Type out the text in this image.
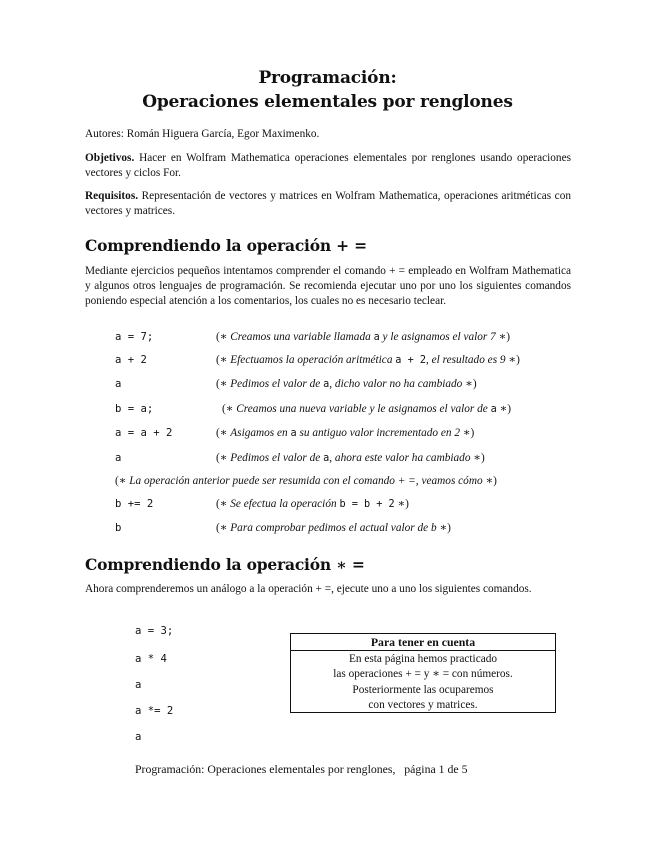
Programación:
Operaciones elementales por renglones
Autores: Román Higuera García, Egor Maximenko.
Objetivos. Hacer en Wolfram Mathematica operaciones elementales por renglones usando operaciones vectores y ciclos For.
Requisitos. Representación de vectores y matrices en Wolfram Mathematica, operaciones aritméticas con vectores y matrices.
Comprendiendo la operación + =
Mediante ejercicios pequeños intentamos comprender el comando + = empleado en Wolfram Mathematica y algunos otros lenguajes de programación. Se recomienda ejecutar uno por uno los siguientes comandos poniendo especial atención a los comentarios, los cuales no es necesario teclear.
a = 7;	(∗ Creamos una variable llamada a y le asignamos el valor 7 ∗)
a + 2	(∗ Efectuamos la operación aritmética a + 2, el resultado es 9 ∗)
a	(∗ Pedimos el valor de a, dicho valor no ha cambiado ∗)
b = a;	(∗ Creamos una nueva variable y le asignamos el valor de a ∗)
a = a + 2	(∗ Asigamos en a su antiguo valor incrementado en 2 ∗)
a	(∗ Pedimos el valor de a, ahora este valor ha cambiado ∗)
(∗ La operación anterior puede ser resumida con el comando + =, veamos cómo ∗)
b += 2	(∗ Se efectua la operación b = b + 2 ∗)
b	(∗ Para comprobar pedimos el actual valor de b ∗)
Comprendiendo la operación ∗ =
Ahora comprenderemos un análogo a la operación + =, ejecute uno a uno los siguientes comandos.
a = 3;
a * 4
a
a *= 2
a
Para tener en cuenta
En esta página hemos practicado
las operaciones + = y ∗ = con números.
Posteriormente las ocuparemos
con vectores y matrices.
Programación: Operaciones elementales por renglones,   página 1 de 5
